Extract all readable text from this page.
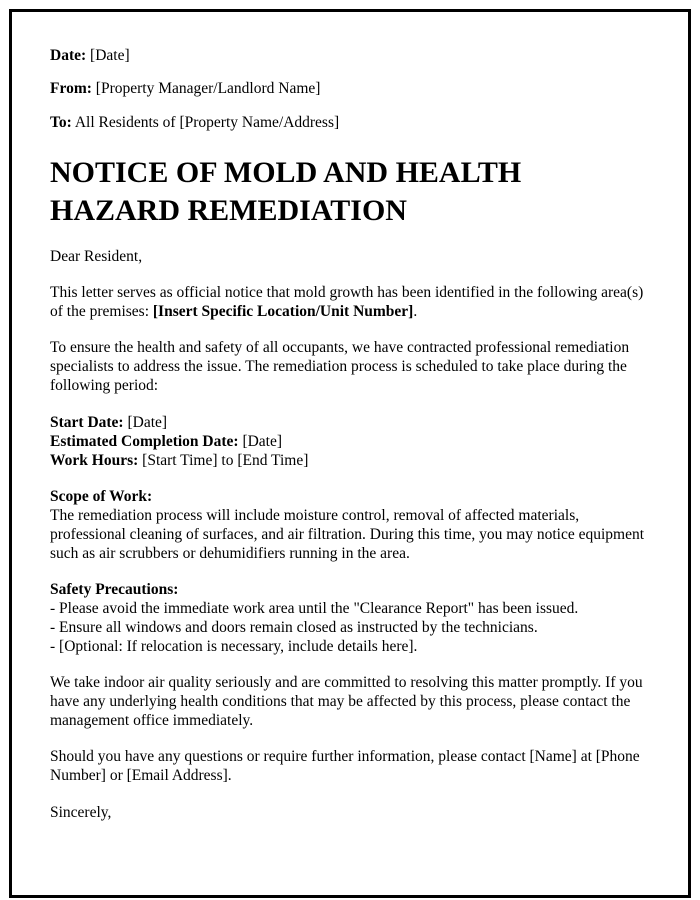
Date: [Date]

From: [Property Manager/Landlord Name]

To: All Residents of [Property Name/Address]

NOTICE OF MOLD AND HEALTH HAZARD REMEDIATION

Dear Resident,

This letter serves as official notice that mold growth has been identified in the following area(s) of the premises: [Insert Specific Location/Unit Number].

To ensure the health and safety of all occupants, we have contracted professional remediation specialists to address the issue. The remediation process is scheduled to take place during the following period:

Start Date: [Date]
Estimated Completion Date: [Date]
Work Hours: [Start Time] to [End Time]
Scope of Work:
The remediation process will include moisture control, removal of affected materials, professional cleaning of surfaces, and air filtration. During this time, you may notice equipment such as air scrubbers or dehumidifiers running in the area.
Safety Precautions:
- Please avoid the immediate work area until the "Clearance Report" has been issued.
- Ensure all windows and doors remain closed as instructed by the technicians.
- [Optional: If relocation is necessary, include details here].

We take indoor air quality seriously and are committed to resolving this matter promptly. If you have any underlying health conditions that may be affected by this process, please contact the management office immediately.

Should you have any questions or require further information, please contact [Name] at [Phone Number] or [Email Address].

Sincerely,
